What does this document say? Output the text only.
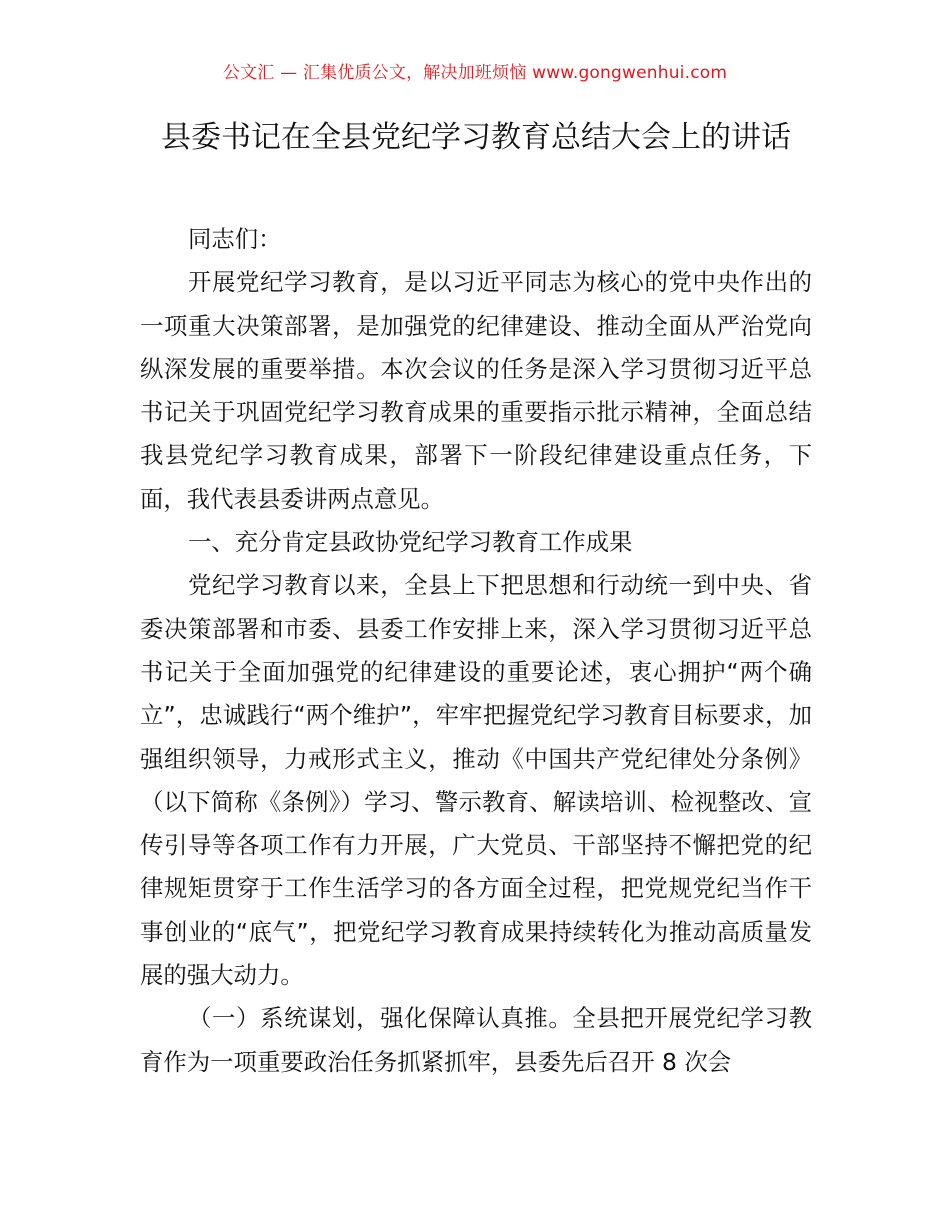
公文汇 — 汇集优质公文，解决加班烦恼 www.gongwenhui.com
县委书记在全县党纪学习教育总结大会上的讲话

同志们：

开展党纪学习教育，是以习近平同志为核心的党中央作出的一项重大决策部署，是加强党的纪律建设、推动全面从严治党向纵深发展的重要举措。本次会议的任务是深入学习贯彻习近平总书记关于巩固党纪学习教育成果的重要指示批示精神，全面总结我县党纪学习教育成果，部署下一阶段纪律建设重点任务，下面，我代表县委讲两点意见。

一、充分肯定县政协党纪学习教育工作成果

党纪学习教育以来，全县上下把思想和行动统一到中央、省委决策部署和市委、县委工作安排上来，深入学习贯彻习近平总书记关于全面加强党的纪律建设的重要论述，衷心拥护“两个确立”，忠诚践行“两个维护”，牢牢把握党纪学习教育目标要求，加强组织领导，力戒形式主义，推动《中国共产党纪律处分条例》（以下简称《条例》）学习、警示教育、解读培训、检视整改、宣传引导等各项工作有力开展，广大党员、干部坚持不懈把党的纪律规矩贯穿于工作生活学习的各方面全过程，把党规党纪当作干事创业的“底气”，把党纪学习教育成果持续转化为推动高质量发展的强大动力。

（一）系统谋划，强化保障认真推。全县把开展党纪学习教育作为一项重要政治任务抓紧抓牢，县委先后召开 8 次会
